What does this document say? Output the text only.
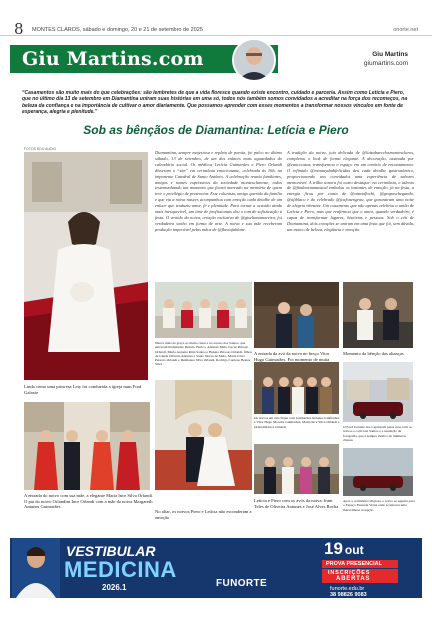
8 MONTES CLAROS, sábado e domingo, 20 e 21 de setembro de 2025	onorte.net
Giu Martins.com	Giu Martins
giumartins.com
“Casamentos são muito mais do que celebrações: são lembretes de que a vida floresce quando existe encontro, cuidado e parceria. Assim como Letícia e Piero, que no último dia 13 de setembro em Diamantina uniram suas histórias em uma só, todos nós também somos convidados a acreditar na força dos recomeços, na beleza da confiança e na importância de cultivar o amor diariamente. Que possamos aprender com esses momentos a transformar nossos vínculos em fonte de esperança, alegria e plenitude.”
Sob as bênçãos de Diamantina: Letícia e Piero
FOTOS EDU AUDIO
Linda como uma princesa Lety foi conduzida a igreja num Ford Galaxie
Diamantina, sempre majestosa e repleta de poesia, foi palco no último sábado, 13 de setembro, de um dos enlaces mais aguardados do calendário social. Os médicos Letícia Guimarães e Piero Orlandi disseram o “sim” em cerimônia emocionante, celebrada às 16h, na imponente Catedral de Santo Antônio. A celebração reuniu familiares, amigos e nomes expressivos da sociedade montesclarense, todos testemunhando um momento que ficará marcado na memória de quem teve o privilégio de presenciar. Este colunista, amigo querido da família e que viu a noiva nascer, acompanhou com emoção cada detalhe de um enlace que traduziu amor, fé e plenitude. Para tornar a ocasião ainda mais inesquecível, um time de profissionais deu o tom de sofisticação à festa. O vestido da noiva, criação exclusiva de @giselianamoreira, foi verdadeira sonho em forma de arte. A noiva e sua mãe receberam produção impecável pelas mãos de @flaviafablane.
A tradição da noiva, joia delicada de @luizabarcelosmontesclaros, completou o look de forma elegante. A decoração, assinada por @eanccostaz, transformou o espaço em um cenário de encantamento. O refinado @montaydadifelicidas deu cada detalhe gastronômico, proporcionando aos convidados uma experiência de sabores memorável. A trilha sonora foi outro destaque: na cerimônia, o talento de @findaornamusical embalou os instantes de emoção, já na festa, a energia ficou por conta de @atavidfochi, @gruposchegando, @ufiblaco e do celebrado @jcafonengrau, que garantiram uma noite de alegria vibrante. Um casamento que não apenas celebrou a união de Letícia e Piero, mas que reafirmou que o amor, quando verdadeiro, é capaz de transformar lugares, histórias e pessoas. Sob o céu de Diamantina, dois corações se uniram em uma festa que foi, sem dúvida, um marco de beleza, elegância e emoção.
Nunca mais de graça ao muito clean e no acesso dos Santos, que entraram lindamente Renata, Enrico, Antunes Mels, Lucas Peixoto Orlandi, Maria Antonia Ritta Santos e Helena Peixoto Orlandi, filhos de Gisele Oliveira Antunes e Saulo Neves de Melo, Maria Clara Peixoto Orlandi e Demisano Silva Orlandi, Rodrigo Cardoso Bestes Silva
A entrada da avó da noiva no braço Vitor Hugo Guimarães. Foi momento de muita
Momento da bênção das alianças
A entrada do noivo com sua mãe, a elegante Maria Ince Silva Orlandi. O pai do noivo Orlandim Ince Orlandi com a mãe da noiva Margareth Antunes Guimarães
No altar, os noivos Piero e Letícia não esconderam a emoção
Os noivos em um clique com Guimarães Antunes Guimarães e Vitor Hugo Moreira Guimarães, Maria Ince Silva Orlandi e Orlandim Ince Orlandi	O Ford Galaxie dos Capristrell pelas ruas com os noivos e com Leti Santos e a saudação de fotografia, que é sempre motivo de inúmeros cliques
Leticia e Piero com os avós da noiva: Irani Teles de Oliveira Antunes e José Alves Rocha
Após a cerimônia religiosa, o noivo se seguirá para o Espaço Fazenda Verna onde aconteceu uma maravilhosa recepção
VESTIBULAR
MEDICINA
2026.1	FUNORTE
19 out
PROVA PRESENCIAL
INSCRIÇÕES
ABERTAS
funorte.edu.br
38 98826 9083
